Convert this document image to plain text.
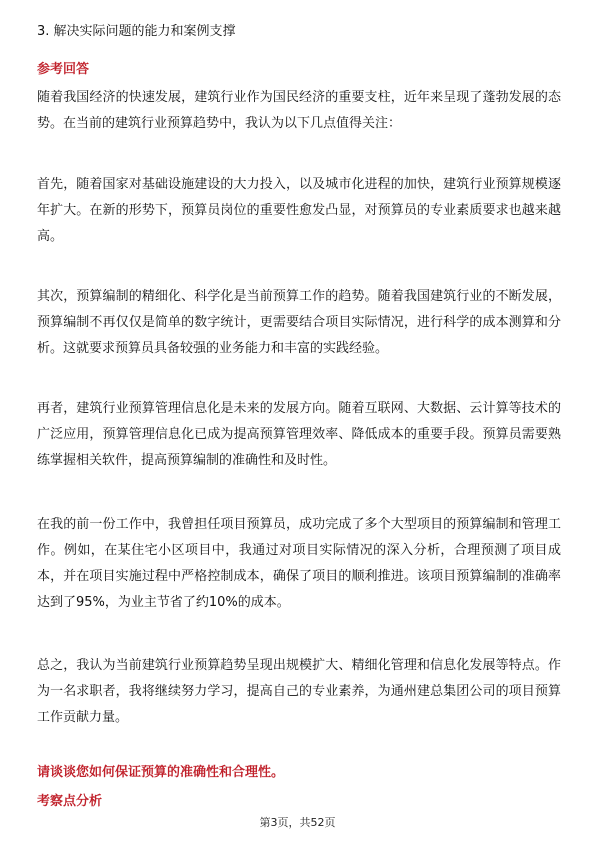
3. 解决实际问题的能力和案例支撑
参考回答
随着我国经济的快速发展，建筑行业作为国民经济的重要支柱，近年来呈现了蓬勃发展的态势。在当前的建筑行业预算趋势中，我认为以下几点值得关注：
首先，随着国家对基础设施建设的大力投入，以及城市化进程的加快，建筑行业预算规模逐年扩大。在新的形势下，预算员岗位的重要性愈发凸显，对预算员的专业素质要求也越来越高。
其次，预算编制的精细化、科学化是当前预算工作的趋势。随着我国建筑行业的不断发展，预算编制不再仅仅是简单的数字统计，更需要结合项目实际情况，进行科学的成本测算和分析。这就要求预算员具备较强的业务能力和丰富的实践经验。
再者，建筑行业预算管理信息化是未来的发展方向。随着互联网、大数据、云计算等技术的广泛应用，预算管理信息化已成为提高预算管理效率、降低成本的重要手段。预算员需要熟练掌握相关软件，提高预算编制的准确性和及时性。
在我的前一份工作中，我曾担任项目预算员，成功完成了多个大型项目的预算编制和管理工作。例如，在某住宅小区项目中，我通过对项目实际情况的深入分析，合理预测了项目成本，并在项目实施过程中严格控制成本，确保了项目的顺利推进。该项目预算编制的准确率达到了95%，为业主节省了约10%的成本。
总之，我认为当前建筑行业预算趋势呈现出规模扩大、精细化管理和信息化发展等特点。作为一名求职者，我将继续努力学习，提高自己的专业素养，为通州建总集团公司的项目预算工作贡献力量。
请谈谈您如何保证预算的准确性和合理性。
考察点分析
第3页，共52页
